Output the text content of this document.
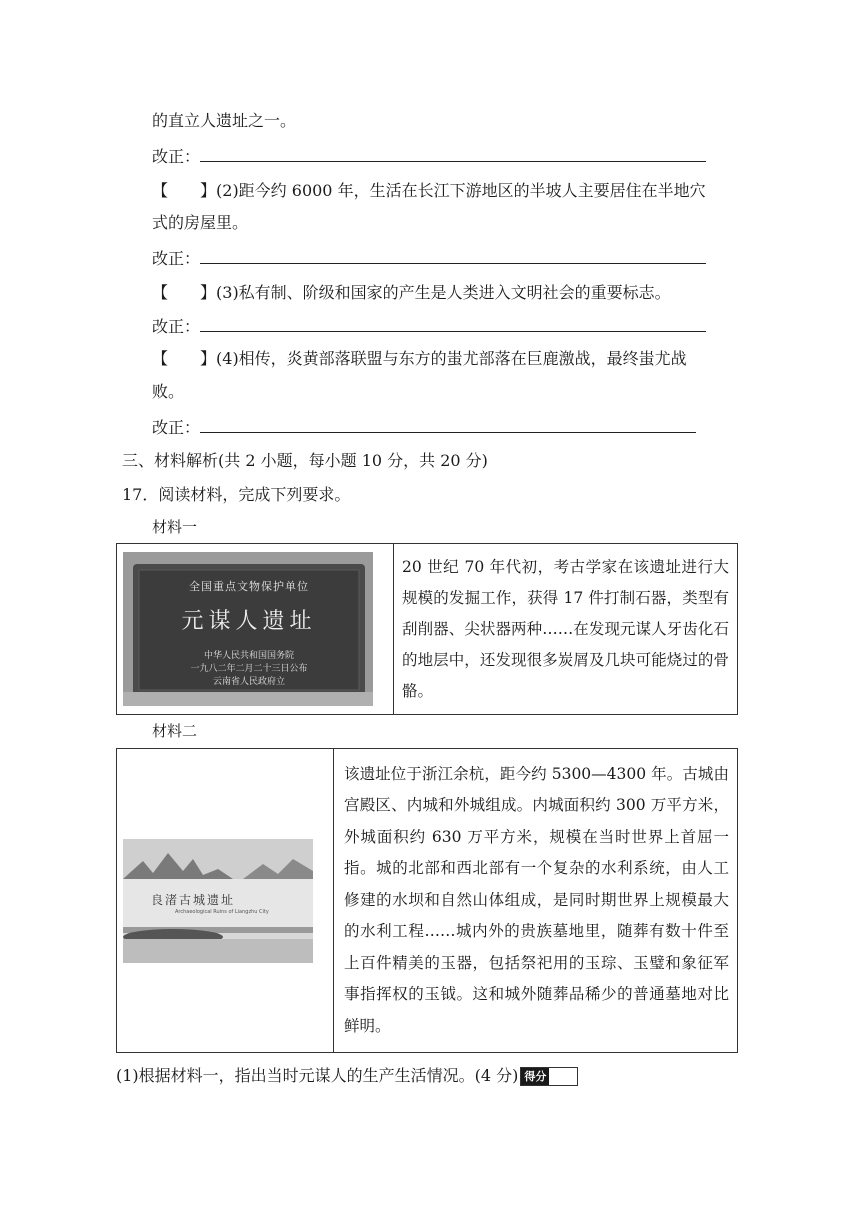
的直立人遗址之一。
改正：
【　　】(2)距今约 6000 年，生活在长江下游地区的半坡人主要居住在半地穴
式的房屋里。
改正：
【　　】(3)私有制、阶级和国家的产生是人类进入文明社会的重要标志。
改正：
【　　】(4)相传，炎黄部落联盟与东方的蚩尤部落在巨鹿激战，最终蚩尤战
败。
改正：
三、材料解析(共 2 小题，每小题 10 分，共 20 分)
17．阅读材料，完成下列要求。
材料一
全国重点文物保护单位
元谋人遗址
中华人民共和国国务院
一九八二年二月二十三日公布
云南省人民政府立

20 世纪 70 年代初，考古学家在该遗址进行大规模的发掘工作，获得 17 件打制石器，类型有刮削器、尖状器两种……在发现元谋人牙齿化石的地层中，还发现很多炭屑及几块可能烧过的骨骼。
材料二
良渚古城遗址
Archaeological Ruins of Liangzhu City

该遗址位于浙江余杭，距今约 5300—4300 年。古城由宫殿区、内城和外城组成。内城面积约 300 万平方米，外城面积约 630 万平方米，规模在当时世界上首屈一指。城的北部和西北部有一个复杂的水利系统，由人工修建的水坝和自然山体组成，是同时期世界上规模最大的水利工程……城内外的贵族墓地里，随葬有数十件至上百件精美的玉器，包括祭祀用的玉琮、玉璧和象征军事指挥权的玉钺。这和城外随葬品稀少的普通墓地对比鲜明。
(1)根据材料一，指出当时元谋人的生产生活情况。(4 分) 得分
